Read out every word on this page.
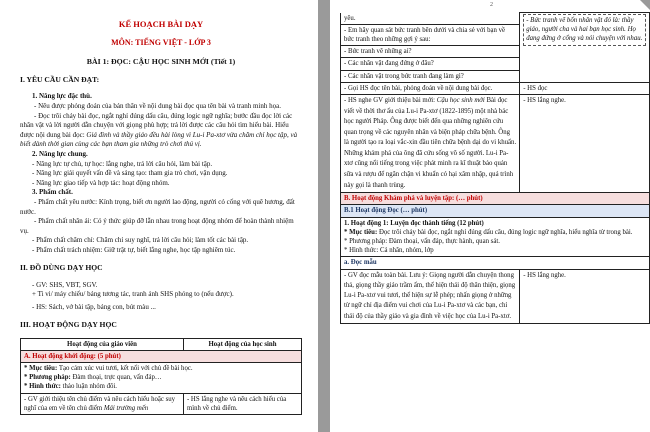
KẾ HOẠCH BÀI DẠY

MÔN: TIẾNG VIỆT - LỚP 3

BÀI 1: ĐỌC: CẬU HỌC SINH MỚI (Tiết 1)

I. YÊU CẦU CẦN ĐẠT:

1. Năng lực đặc thù.

- Nêu được phỏng đoán của bản thân về nội dung bài đọc qua tên bài và tranh minh họa.

- Đọc trôi chảy bài đọc, ngắt nghỉ đúng dấu câu, đúng logic ngữ nghĩa; bước đầu đọc lời các nhân vật và lời người dẫn chuyện với giọng phù hợp; trả lời được các câu hỏi tìm hiểu bài. Hiểu được nội dung bài đọc: Giá đình và thầy giáo đều hài lòng vì Lu-i Pa-xtơ vừa chăm chỉ học tập, và biết dành thời gian cùng các bạn tham gia những trò chơi thú vị.

2. Năng lực chung.

- Năng lực tự chủ, tự học: lắng nghe, trả lời câu hỏi, làm bài tập.

- Năng lực giải quyết vấn đề và sáng tạo: tham gia trò chơi, vận dụng.

- Năng lực giao tiếp và hợp tác: hoạt động nhóm.

3. Phẩm chất.

- Phẩm chất yêu nước: Kính trọng, biết ơn người lao động, người có cống với quê hương, đất nước.

- Phẩm chất nhân ái: Có ý thức giúp đỡ lẫn nhau trong hoạt động nhóm để hoàn thành nhiệm vụ.

- Phẩm chất chăm chỉ: Chăm chỉ suy nghĩ, trả lời câu hỏi; làm tốt các bài tập.

- Phẩm chất trách nhiệm: Giữ trật tự, biết lắng nghe, học tập nghiêm túc.

II. ĐỒ DÙNG DẠY HỌC

- GV: SHS, VBT, SGV.

+ Ti vi/ máy chiếu/ bảng tương tác, tranh ảnh SHS phóng to (nếu được).

- HS: Sách, vở bài tập, bảng con, bút màu ...

III. HOẠT ĐỘNG DẠY HỌC

Hoạt động của giáo viên	Hoạt động của học sinh
A. Hoạt động khởi động: (5 phút)	
* Mục tiêu: Tạo cảm xúc vui tươi, kết nối với chủ đề bài học.
* Phương pháp: Đàm thoại, trực quan, vấn đáp…
* Hình thức: thảo luận nhóm đôi.	
- GV giới thiệu tên chủ điểm và nêu cách hiểu hoặc suy nghĩ của em về tên chủ điểm Mái trường mến	- HS lắng nghe và nêu cách hiểu của mình về chủ điểm.
2
yêu.	- Bức tranh vẽ bốn nhân vật đó là: thầy giáo, người cha và hai bạn học sinh. Họ đang đứng ở cổng và nói chuyện với nhau.

- Em hãy quan sát bức tranh bên dưới và chia sẻ với bạn về bức tranh theo những gợi ý sau:	
- Bức tranh vẽ những ai?	
- Các nhân vật đang đứng ở đâu?	
- Các nhân vật trong bức tranh đang làm gì?	
- Gọi HS đọc tên bài, phỏng đoán về nội dung bài đọc.	- HS đọc
- HS nghe GV giới thiệu bài mới: Cậu học sinh mới Bài đọc viết về thời thơ ấu của Lu-i Pa-xtơ (1822-1895) một nhà bác học người Pháp. Ông được biết đến qua những nghiên cứu quan trọng về các nguyên nhân và biện pháp chữa bệnh. Ông là người tạo ra loại vắc-xin đầu tiên chữa bệnh dại do vi khuẩn. Những khám phá của ông đã cứu sống vô số người. Lu-i Pa-xtơ cũng nổi tiếng trong việc phát minh ra kĩ thuật bảo quản sữa và rượu để ngăn chặn vi khuẩn có hại xâm nhập, quá trình này gọi là thanh trùng.	- HS lắng nghe.
B. Hoạt động Khám phá và luyện tập: (… phút)	
B.1 Hoạt động Đọc (… phút)	
1. Hoạt động 1: Luyện đọc thành tiếng (12 phút)
* Mục tiêu: Đọc trôi chảy bài đọc, ngắt nghỉ đúng dấu câu, đúng logic ngữ nghĩa, hiểu nghĩa từ trong bài.
* Phương pháp: Đàm thoại, vấn đáp, thực hành, quan sát.
* Hình thức: Cá nhân, nhóm, lớp	
a. Đọc mẫu	
- GV đọc mẫu toàn bài. Lưu ý: Giọng người dẫn chuyện thong thả, giọng thầy giáo trầm ấm, thể hiện thái độ thân thiện, giọng Lu-i Pa-xtơ vui tươi, thể hiện sự lễ phép; nhấn giọng ở những từ ngữ chỉ địa điểm vui chơi của Lu-i Pa-xtơ và các bạn, chỉ thái độ của thầy giáo và gia đình về việc học của Lu-i Pa-xtơ.	- HS lắng nghe.
